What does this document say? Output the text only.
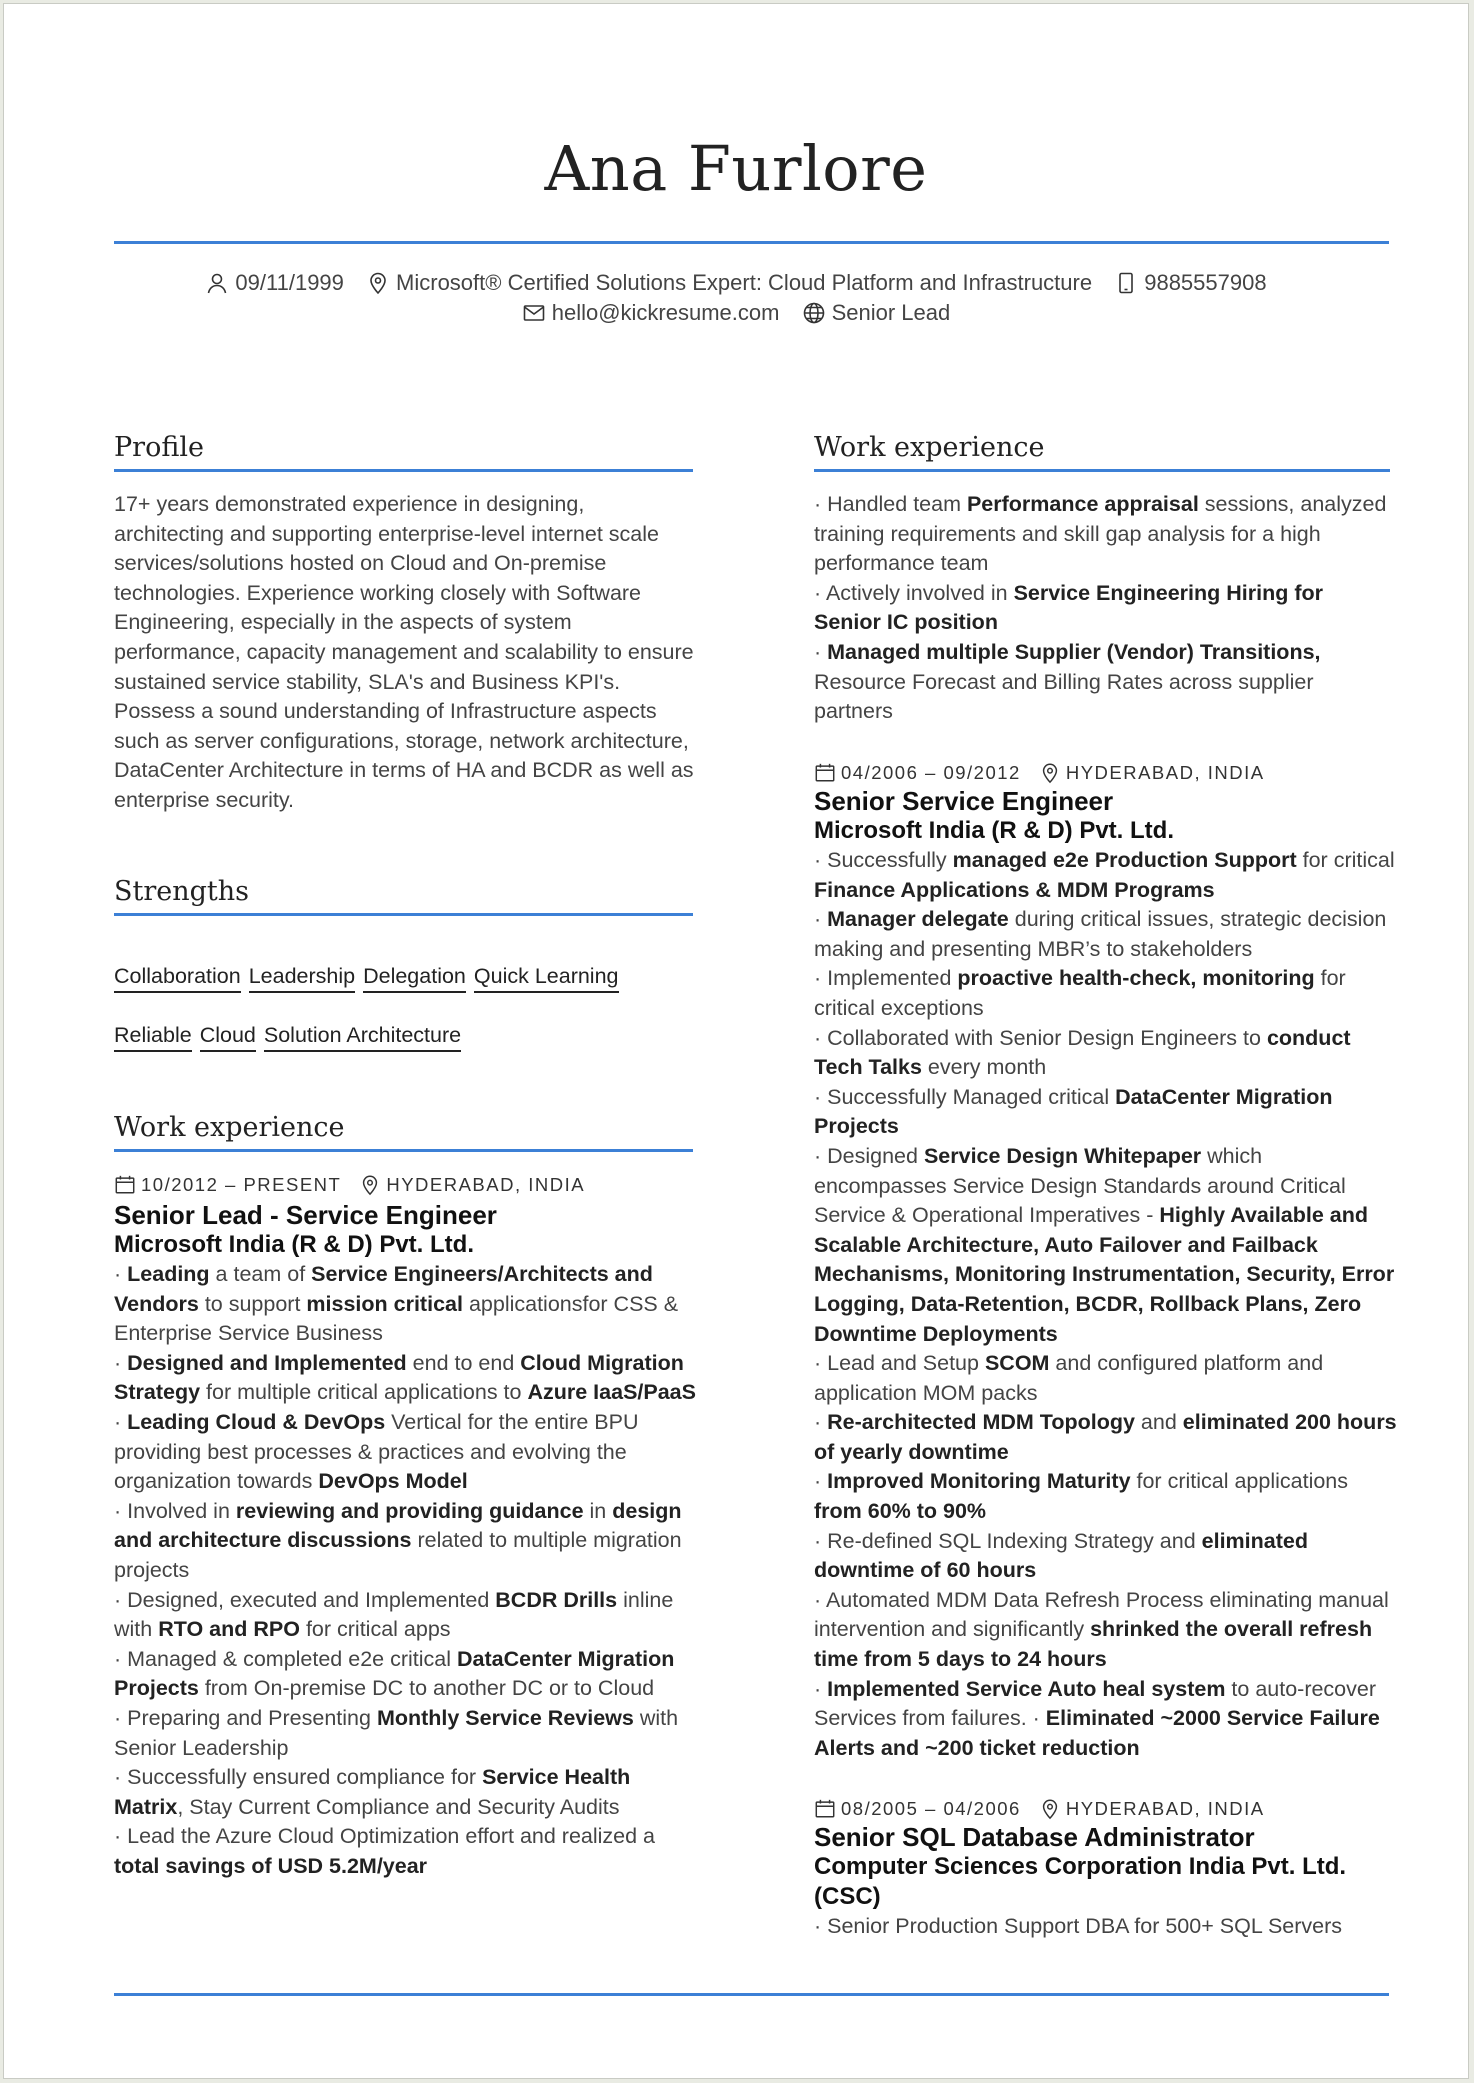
Ana Furlore
09/11/1999
Microsoft® Certified Solutions Expert: Cloud Platform and Infrastructure
9885557908
hello@kickresume.com
Senior Lead
Profile
17+ years demonstrated experience in designing, architecting and supporting enterprise-level internet scale services/solutions hosted on Cloud and On-premise technologies. Experience working closely with Software Engineering, especially in the aspects of system performance, capacity management and scalability to ensure sustained service stability, SLA's and Business KPI's. Possess a sound understanding of Infrastructure aspects such as server configurations, storage, network architecture, DataCenter Architecture in terms of HA and BCDR as well as enterprise security.
Strengths
Collaboration Leadership Delegation Quick Learning
Reliable Cloud Solution Architecture
Work experience
10/2012 – PRESENT HYDERABAD, INDIA
Senior Lead - Service Engineer
Microsoft India (R & D) Pvt. Ltd.
· Leading a team of Service Engineers/Architects and Vendors to support mission critical applicationsfor CSS & Enterprise Service Business
· Designed and Implemented end to end Cloud Migration Strategy for multiple critical applications to Azure IaaS/PaaS
· Leading Cloud & DevOps Vertical for the entire BPU providing best processes & practices and evolving the organization towards DevOps Model
· Involved in reviewing and providing guidance in design and architecture discussions related to multiple migration projects
· Designed, executed and Implemented BCDR Drills inline with RTO and RPO for critical apps
· Managed & completed e2e critical DataCenter Migration Projects from On-premise DC to another DC or to Cloud
· Preparing and Presenting Monthly Service Reviews with Senior Leadership
· Successfully ensured compliance for Service Health Matrix, Stay Current Compliance and Security Audits
· Lead the Azure Cloud Optimization effort and realized a total savings of USD 5.2M/year
Work experience
· Handled team Performance appraisal sessions, analyzed training requirements and skill gap analysis for a high performance team
· Actively involved in Service Engineering Hiring for Senior IC position
· Managed multiple Supplier (Vendor) Transitions, Resource Forecast and Billing Rates across supplier partners
04/2006 – 09/2012 HYDERABAD, INDIA
Senior Service Engineer
Microsoft India (R & D) Pvt. Ltd.
· Successfully managed e2e Production Support for critical Finance Applications & MDM Programs
· Manager delegate during critical issues, strategic decision making and presenting MBR’s to stakeholders
· Implemented proactive health-check, monitoring for critical exceptions
· Collaborated with Senior Design Engineers to conduct Tech Talks every month
· Successfully Managed critical DataCenter Migration Projects
· Designed Service Design Whitepaper which encompasses Service Design Standards around Critical Service & Operational Imperatives - Highly Available and Scalable Architecture, Auto Failover and Failback Mechanisms, Monitoring Instrumentation, Security, Error Logging, Data-Retention, BCDR, Rollback Plans, Zero Downtime Deployments
· Lead and Setup SCOM and configured platform and application MOM packs
· Re-architected MDM Topology and eliminated 200 hours of yearly downtime
· Improved Monitoring Maturity for critical applications from 60% to 90%
· Re-defined SQL Indexing Strategy and eliminated downtime of 60 hours
· Automated MDM Data Refresh Process eliminating manual intervention and significantly shrinked the overall refresh time from 5 days to 24 hours
· Implemented Service Auto heal system to auto-recover Services from failures. · Eliminated ~2000 Service Failure Alerts and ~200 ticket reduction
08/2005 – 04/2006 HYDERABAD, INDIA
Senior SQL Database Administrator
Computer Sciences Corporation India Pvt. Ltd. (CSC)
· Senior Production Support DBA for 500+ SQL Servers
